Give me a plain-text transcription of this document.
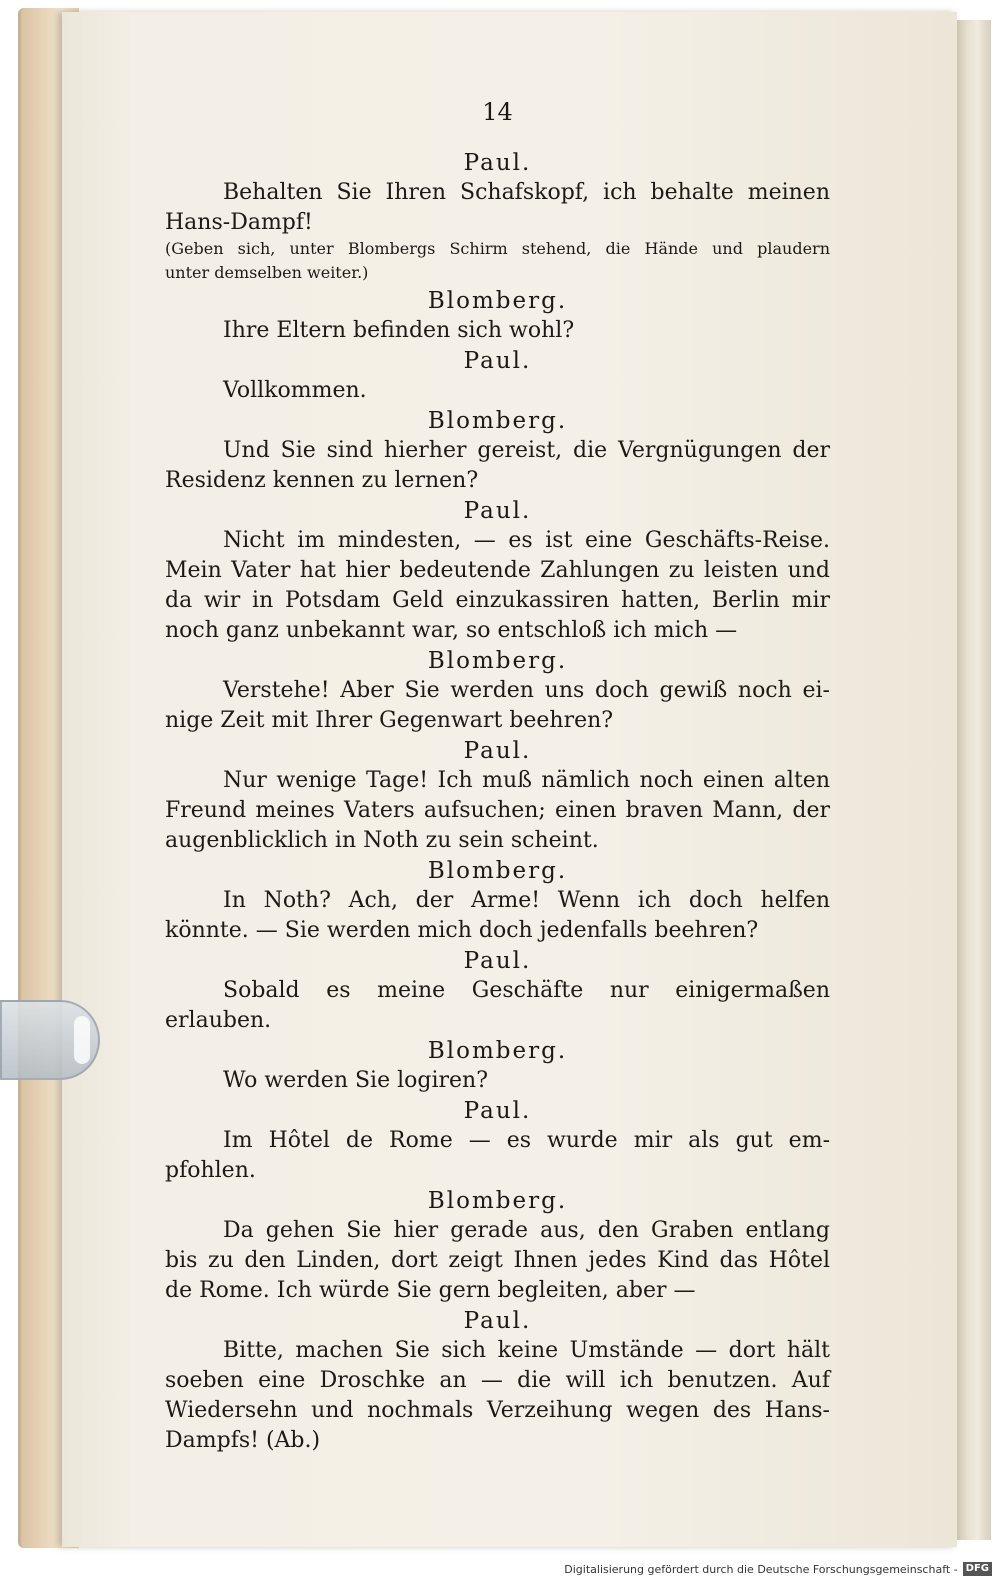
14

Paul.

Behalten Sie Ihren Schafskopf, ich behalte meinen

Hans-Dampf!

(Geben sich, unter Blombergs Schirm stehend, die Hände und plaudern

unter demselben weiter.)

Blomberg.

Ihre Eltern befinden sich wohl?

Paul.

Vollkommen.

Blomberg.

Und Sie sind hierher gereist, die Vergnügungen der

Residenz kennen zu lernen?

Paul.

Nicht im mindesten, — es ist eine Geschäfts-Reise.

Mein Vater hat hier bedeutende Zahlungen zu leisten und

da wir in Potsdam Geld einzukassiren hatten, Berlin mir

noch ganz unbekannt war, so entschloß ich mich —

Blomberg.

Verstehe! Aber Sie werden uns doch gewiß noch ei-

nige Zeit mit Ihrer Gegenwart beehren?

Paul.

Nur wenige Tage! Ich muß nämlich noch einen alten

Freund meines Vaters aufsuchen; einen braven Mann, der

augenblicklich in Noth zu sein scheint.

Blomberg.

In Noth? Ach, der Arme! Wenn ich doch helfen

könnte. — Sie werden mich doch jedenfalls beehren?

Paul.

Sobald es meine Geschäfte nur einigermaßen erlauben.

Blomberg.

Wo werden Sie logiren?

Paul.

Im Hôtel de Rome — es wurde mir als gut em-

pfohlen.

Blomberg.

Da gehen Sie hier gerade aus, den Graben entlang

bis zu den Linden, dort zeigt Ihnen jedes Kind das Hôtel

de Rome. Ich würde Sie gern begleiten, aber —

Paul.

Bitte, machen Sie sich keine Umstände — dort hält

soeben eine Droschke an — die will ich benutzen. Auf

Wiedersehn und nochmals Verzeihung wegen des Hans-

Dampfs! (Ab.)

Digitalisierung gefördert durch die Deutsche Forschungsgemeinschaft - DFG
